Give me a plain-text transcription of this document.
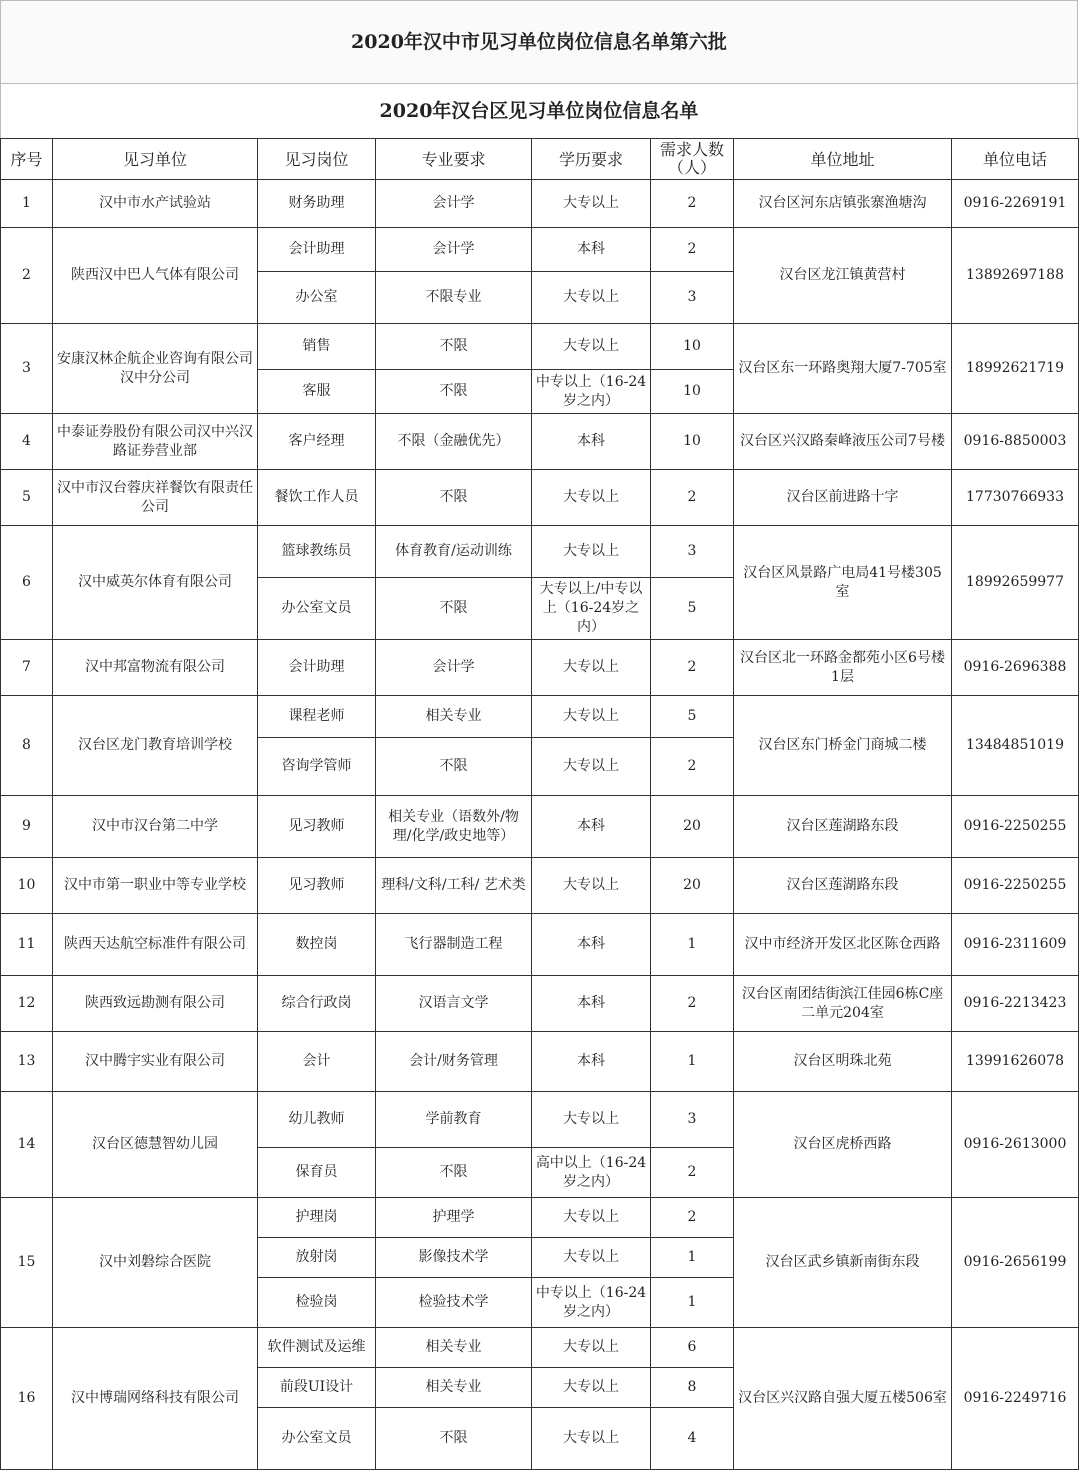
2020年汉中市见习单位岗位信息名单第六批
2020年汉台区见习单位岗位信息名单
序号	见习单位	见习岗位	专业要求	学历要求	需求人数（人）	单位地址	单位电话
1	汉中市水产试验站	财务助理	会计学	大专以上	2	汉台区河东店镇张寨渔塘沟	0916-2269191
2	陕西汉中巴人气体有限公司	会计助理	会计学	本科	2	汉台区龙江镇黄营村	13892697188
		办公室	不限专业	大专以上	3		
3	安康汉林企航企业咨询有限公司汉中分公司	销售	不限	大专以上	10	汉台区东一环路奥翔大厦7-705室	18992621719
		客服	不限	中专以上（16-24岁之内）	10		
4	中泰证券股份有限公司汉中兴汉路证券营业部	客户经理	不限（金融优先）	本科	10	汉台区兴汉路秦峰液压公司7号楼	0916-8850003
5	汉中市汉台蓉庆祥餐饮有限责任公司	餐饮工作人员	不限	大专以上	2	汉台区前进路十字	17730766933
6	汉中威英尔体育有限公司	篮球教练员	体育教育/运动训练	大专以上	3	汉台区风景路广电局41号楼305室	18992659977
		办公室文员	不限	大专以上/中专以上（16-24岁之内）	5		
7	汉中邦富物流有限公司	会计助理	会计学	大专以上	2	汉台区北一环路金都苑小区6号楼1层	0916-2696388
8	汉台区龙门教育培训学校	课程老师	相关专业	大专以上	5	汉台区东门桥金门商城二楼	13484851019
		咨询学管师	不限	大专以上	2		
9	汉中市汉台第二中学	见习教师	相关专业（语数外/物理/化学/政史地等）	本科	20	汉台区莲湖路东段	0916-2250255
10	汉中市第一职业中等专业学校	见习教师	理科/文科/工科/ 艺术类	大专以上	20	汉台区莲湖路东段	0916-2250255
11	陕西天达航空标准件有限公司	数控岗	飞行器制造工程	本科	1	汉中市经济开发区北区陈仓西路	0916-2311609
12	陕西致远勘测有限公司	综合行政岗	汉语言文学	本科	2	汉台区南团结街滨江佳园6栋C座二单元204室	0916-2213423
13	汉中腾宇实业有限公司	会计	会计/财务管理	本科	1	汉台区明珠北苑	13991626078
14	汉台区德慧智幼儿园	幼儿教师	学前教育	大专以上	3	汉台区虎桥西路	0916-2613000
		保育员	不限	高中以上（16-24岁之内）	2		
15	汉中刘磐综合医院	护理岗	护理学	大专以上	2	汉台区武乡镇新南街东段	0916-2656199
		放射岗	影像技术学	大专以上	1		
		检验岗	检验技术学	中专以上（16-24岁之内）	1		
16	汉中博瑞网络科技有限公司	软件测试及运维	相关专业	大专以上	6	汉台区兴汉路自强大厦五楼506室	0916-2249716
		前段UI设计	相关专业	大专以上	8		
		办公室文员	不限	大专以上	4		
